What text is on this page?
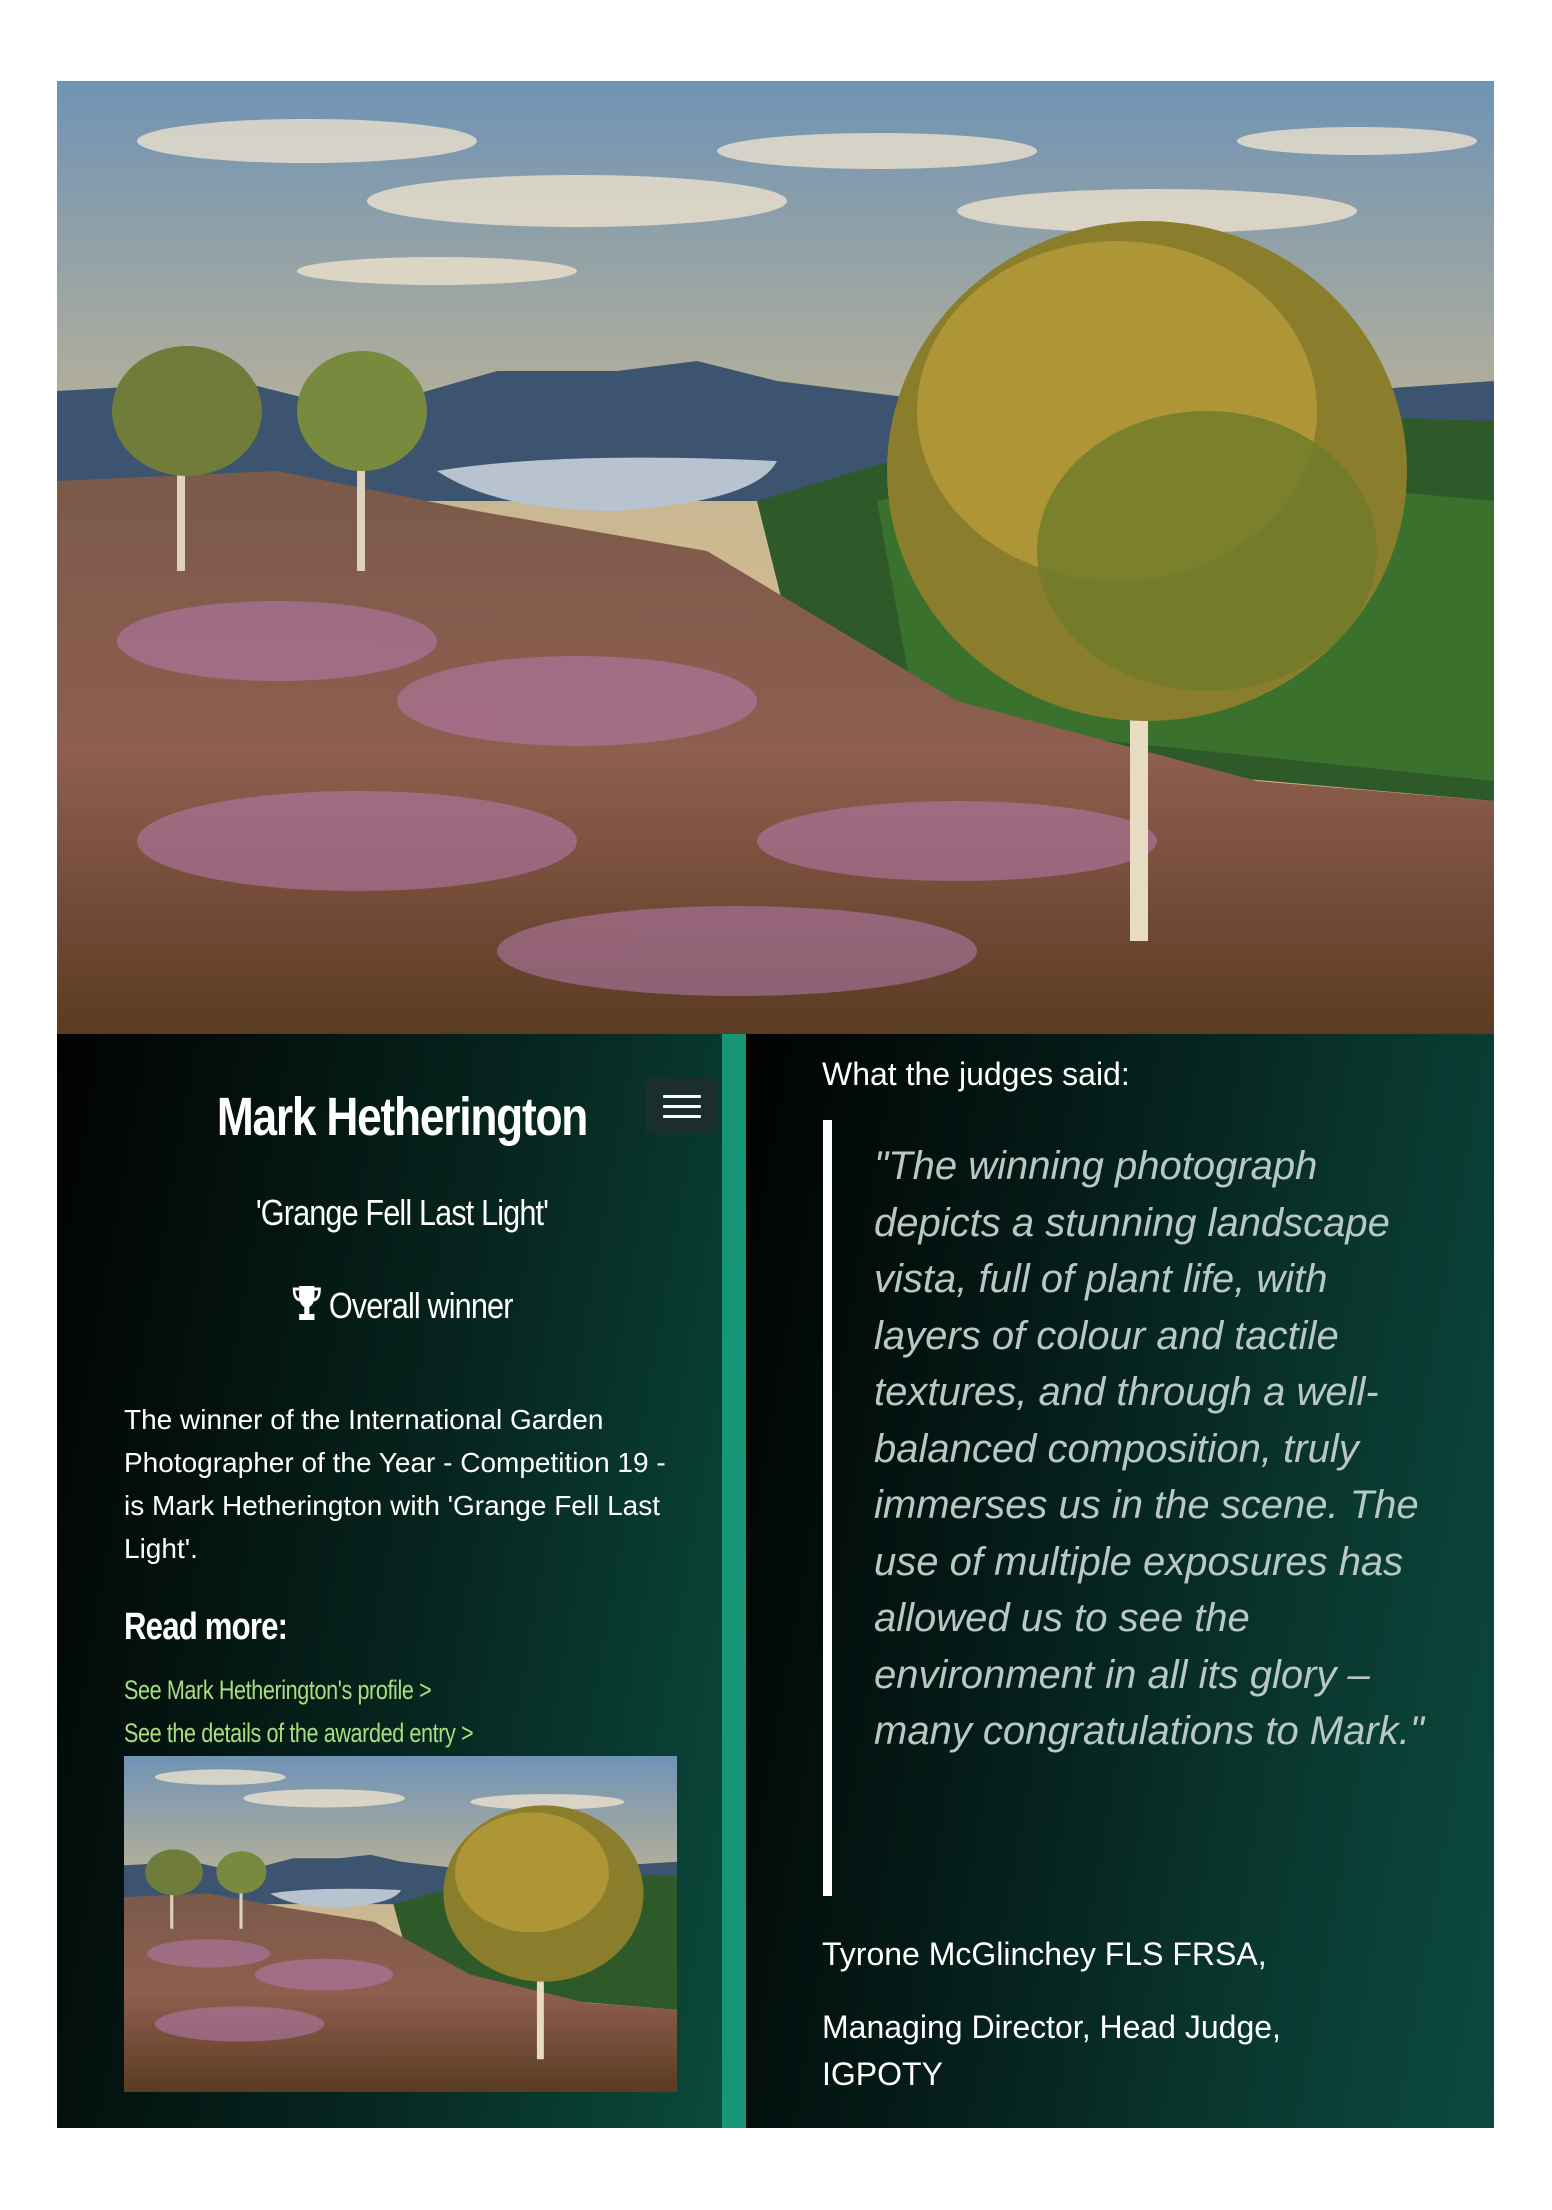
Mark Hetherington
'Grange Fell Last Light'
Overall winner
The winner of the International Garden Photographer of the Year - Competition 19 - is Mark Hetherington with 'Grange Fell Last Light'.
Read more:
See Mark Hetherington's profile >
See the details of the awarded entry >
What the judges said:
"The winning photograph depicts a stunning landscape vista, full of plant life, with layers of colour and tactile textures, and through a well-balanced composition, truly immerses us in the scene. The use of multiple exposures has allowed us to see the environment in all its glory – many congratulations to Mark."
Tyrone McGlinchey FLS FRSA,
Managing Director, Head Judge, IGPOTY
